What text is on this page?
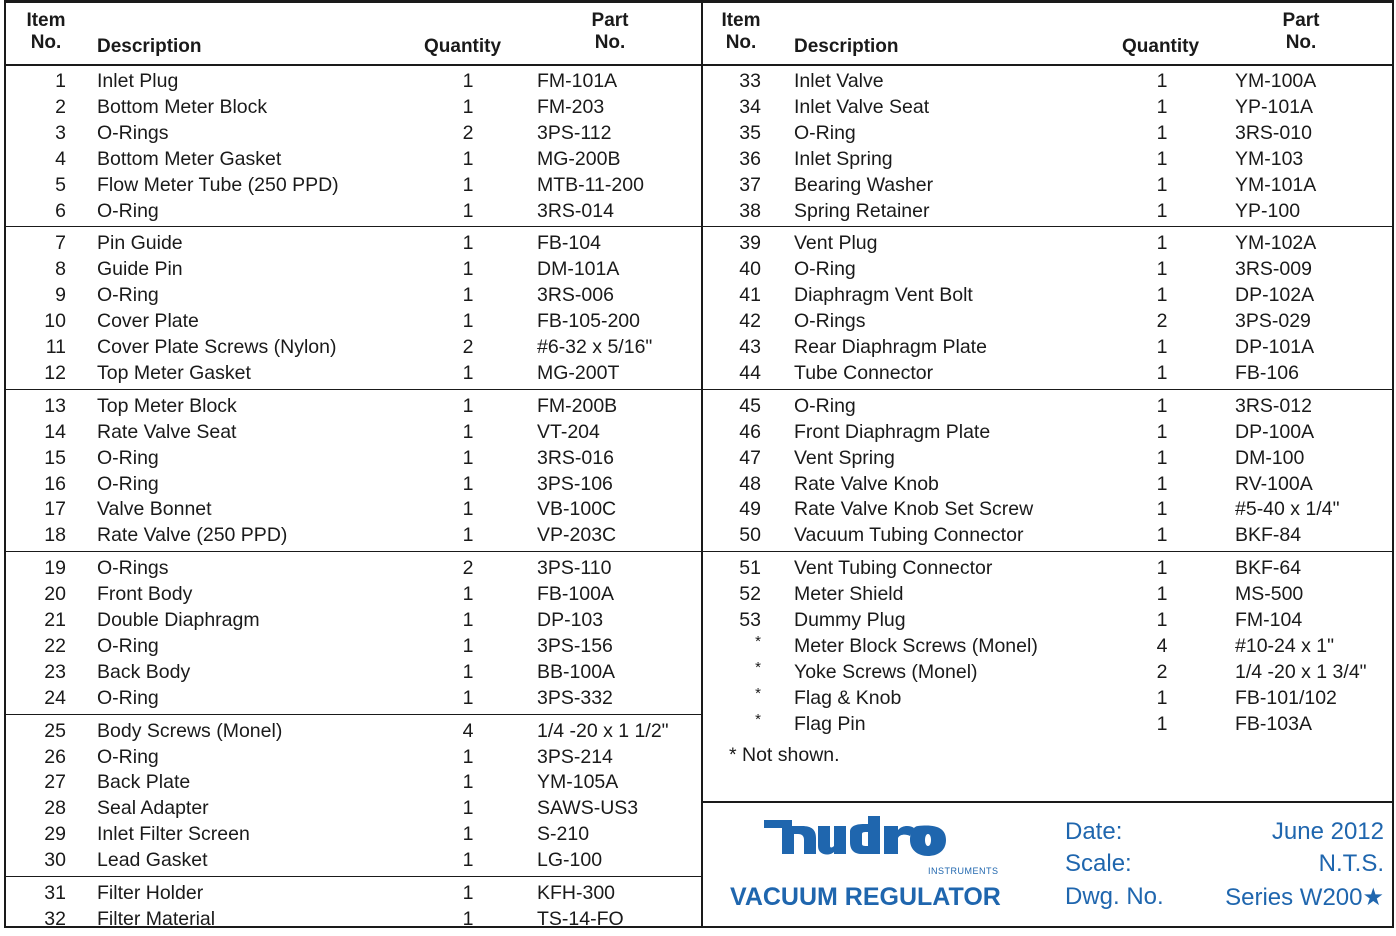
Item
No. Description	Quantity
Part
No.
Item
No. Description	Quantity
Part
No.
1 Inlet Plug	1	FM-101A
2 Bottom Meter Block	1	FM-203
3 O-Rings	2	3PS-112
4 Bottom Meter Gasket	1	MG-200B
5 Flow Meter Tube (250 PPD)	1	MTB-11-200
6 O-Ring	1	3RS-014
7 Pin Guide	1	FB-104
8 Guide Pin	1	DM-101A
9 O-Ring	1	3RS-006
10 Cover Plate	1	FB-105-200
11 Cover Plate Screws (Nylon)	2	#6-32 x 5/16"
12 Top Meter Gasket	1	MG-200T
13 Top Meter Block	1	FM-200B
14 Rate Valve Seat	1	VT-204
15 O-Ring	1	3RS-016
16 O-Ring	1	3PS-106
17 Valve Bonnet	1	VB-100C
18 Rate Valve (250 PPD)	1	VP-203C
19 O-Rings	2	3PS-110
20 Front Body	1	FB-100A
21 Double Diaphragm	1	DP-103
22 O-Ring	1	3PS-156
23 Back Body	1	BB-100A
24 O-Ring	1	3PS-332
25 Body Screws (Monel)	4	1/4 -20 x 1 1/2"
26 O-Ring	1	3PS-214
27 Back Plate	1	YM-105A
28 Seal Adapter	1	SAWS-US3
29 Inlet Filter Screen	1	S-210
30 Lead Gasket	1	LG-100
31 Filter Holder	1	KFH-300
32 Filter Material	1	TS-14-FO
33 Inlet Valve	1	YM-100A
34 Inlet Valve Seat	1	YP-101A
35 O-Ring	1	3RS-010
36 Inlet Spring	1	YM-103
37 Bearing Washer	1	YM-101A
38 Spring Retainer	1	YP-100
39 Vent Plug	1	YM-102A
40 O-Ring	1	3RS-009
41 Diaphragm Vent Bolt	1	DP-102A
42 O-Rings	2	3PS-029
43 Rear Diaphragm Plate	1	DP-101A
44 Tube Connector	1	FB-106
45 O-Ring	1	3RS-012
46 Front Diaphragm Plate	1	DP-100A
47 Vent Spring	1	DM-100
48 Rate Valve Knob	1	RV-100A
49 Rate Valve Knob Set Screw	1	#5-40 x 1/4"
50 Vacuum Tubing Connector	1	BKF-84
51 Vent Tubing Connector	1	BKF-64
52 Meter Shield	1	MS-500
53 Dummy Plug	1	FM-104
* Meter Block Screws (Monel)	4	#10-24 x 1"
* Yoke Screws (Monel)	2	1/4 -20 x 1 3/4"
* Flag & Knob	1	FB-101/102
* Flag Pin	1	FB-103A
* Not shown.
INSTRUMENTS
VACUUM REGULATOR
Date:	June 2012
Scale:	N.T.S.
Dwg. No.	Series W200★
